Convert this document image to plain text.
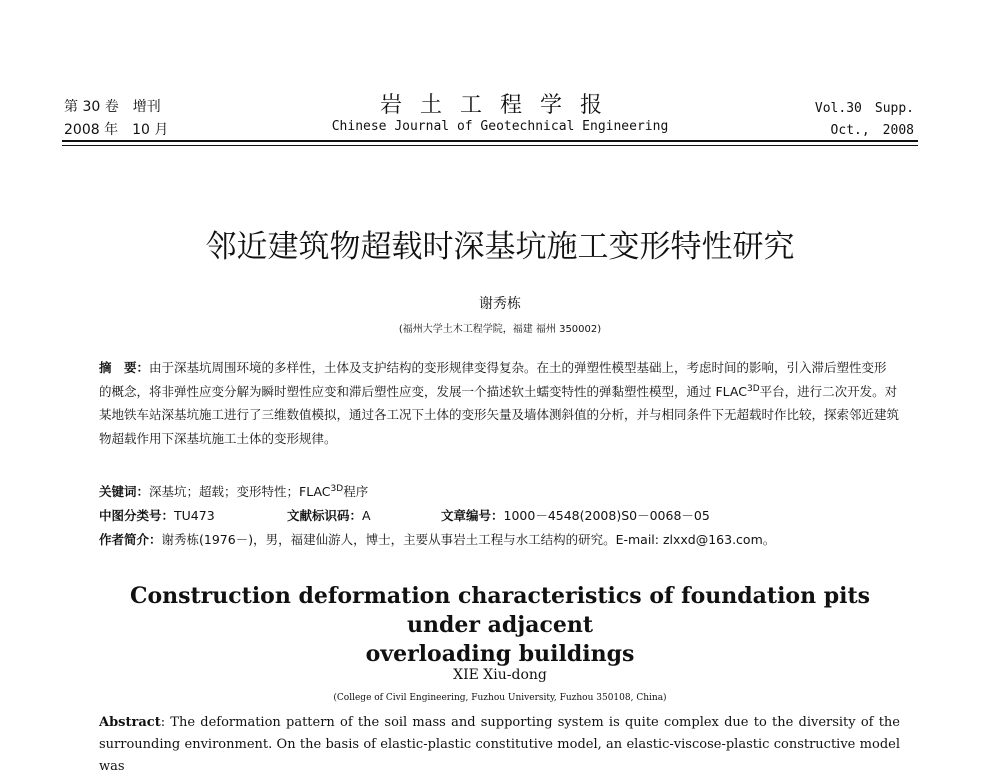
第 30 卷　增刊
2008 年　10 月
岩土工程学报
Chinese Journal of Geotechnical Engineering
Vol.30　Supp.
Oct.,　2008
邻近建筑物超载时深基坑施工变形特性研究
谢秀栋
(福州大学土木工程学院，福建 福州 350002)
摘　要：由于深基坑周围环境的多样性，土体及支护结构的变形规律变得复杂。在土的弹塑性模型基础上，考虑时间的影响，引入滞后塑性变形的概念，将非弹性应变分解为瞬时塑性应变和滞后塑性应变，发展一个描述软土蠕变特性的弹黏塑性模型，通过 $FLAC^{3D}$平台，进行二次开发。对某地铁车站深基坑施工进行了三维数值模拟，通过各工况下土体的变形矢量及墙体测斜值的分析，并与相同条件下无超载时作比较，探索邻近建筑物超载作用下深基坑施工土体的变形规律。
关键词：深基坑；超载；变形特性；$FLAC^{3D}$程序
中图分类号：TU473	文献标识码：A	文章编号：1000－4548(2008)S0－0068－05
作者简介：谢秀栋(1976－)，男，福建仙游人，博士，主要从事岩土工程与水工结构的研究。E-mail: zlxxd@163.com。
Construction deformation characteristics of foundation pits under adjacent
overloading buildings
XIE Xiu-dong
(College of Civil Engineering, Fuzhou University, Fuzhou 350108, China)
Abstract: The deformation pattern of the soil mass and supporting system is quite complex due to the diversity of the surrounding environment. On the basis of elastic-plastic constitutive model, an elastic-viscose-plastic constructive model was
